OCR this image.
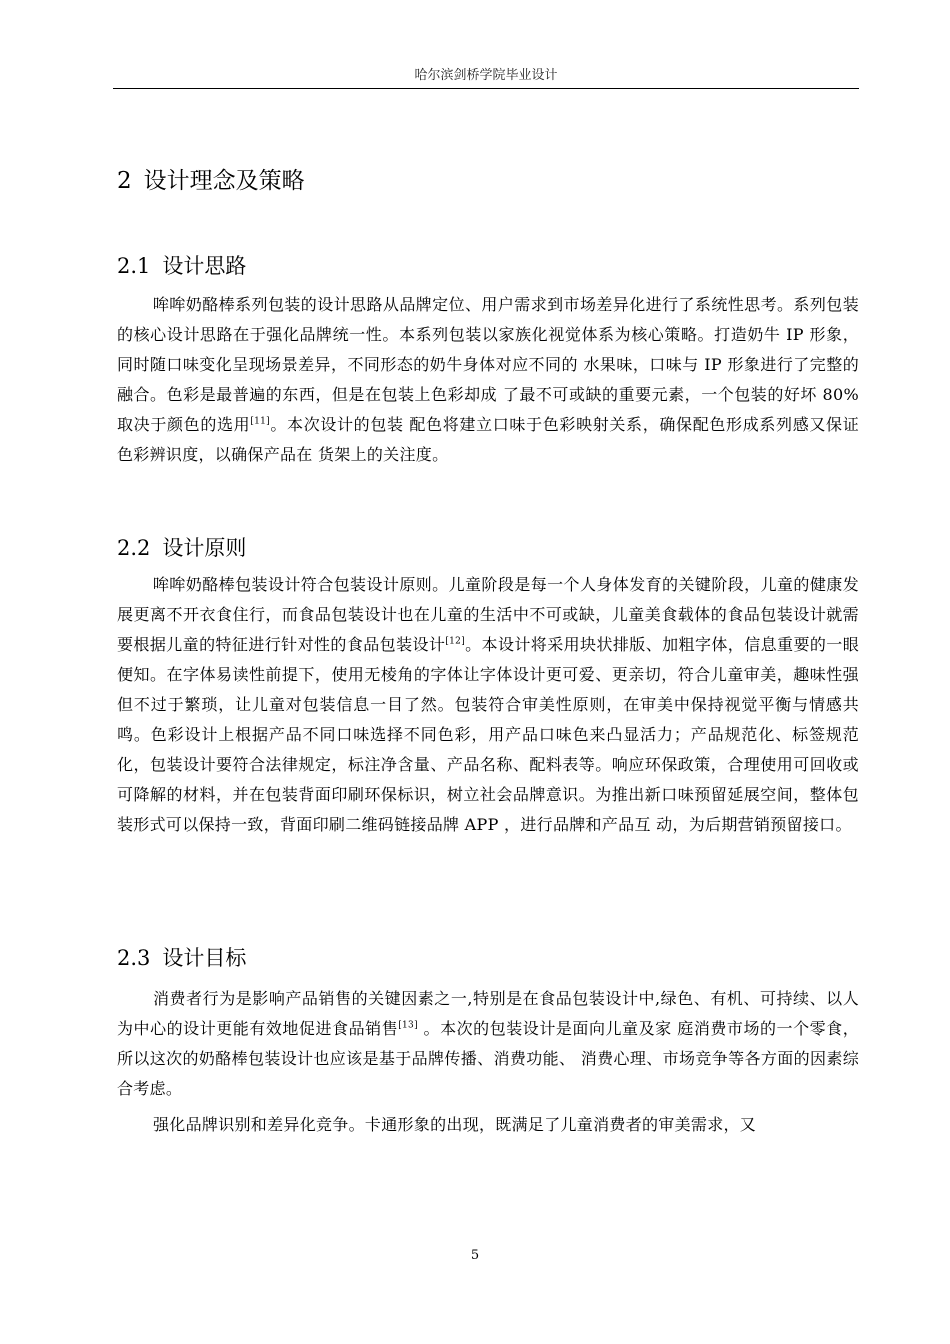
哈尔滨剑桥学院毕业设计
2 设计理念及策略
2.1 设计思路

哞哞奶酪棒系列包装的设计思路从品牌定位、用户需求到市场差异化进行了系统性思考。系列包装的核心设计思路在于强化品牌统一性。本系列包装以家族化视觉体系为核心策略。打造奶牛 IP 形象，同时随口味变化呈现场景差异，不同形态的奶牛身体对应不同的 水果味，口味与 IP 形象进行了完整的融合。色彩是最普遍的东西，但是在包装上色彩却成 了最不可或缺的重要元素，一个包装的好坏 80% 取决于颜色的选用[11]。本次设计的包装 配色将建立口味于色彩映射关系，确保配色形成系列感又保证色彩辨识度，以确保产品在 货架上的关注度。

2.2 设计原则

哞哞奶酪棒包装设计符合包装设计原则。儿童阶段是每一个人身体发育的关键阶段，儿童的健康发展更离不开衣食住行，而食品包装设计也在儿童的生活中不可或缺，儿童美食载体的食品包装设计就需要根据儿童的特征进行针对性的食品包装设计[12]。本设计将采用块状排版、加粗字体，信息重要的一眼便知。在字体易读性前提下，使用无棱角的字体让字体设计更可爱、更亲切，符合儿童审美，趣味性强但不过于繁琐，让儿童对包装信息一目了然。包装符合审美性原则，在审美中保持视觉平衡与情感共鸣。色彩设计上根据产品不同口味选择不同色彩，用产品口味色来凸显活力；产品规范化、标签规范化，包装设计要符合法律规定，标注净含量、产品名称、配料表等。响应环保政策，合理使用可回收或可降解的材料，并在包装背面印刷环保标识，树立社会品牌意识。为推出新口味预留延展空间，整体包装形式可以保持一致，背面印刷二维码链接品牌 APP ，进行品牌和产品互 动，为后期营销预留接口。

2.3 设计目标

消费者行为是影响产品销售的关键因素之一,特别是在食品包装设计中,绿色、有机、可持续、以人为中心的设计更能有效地促进食品销售[13] 。本次的包装设计是面向儿童及家 庭消费市场的一个零食，所以这次的奶酪棒包装设计也应该是基于品牌传播、消费功能、 消费心理、市场竞争等各方面的因素综合考虑。

强化品牌识别和差异化竞争。卡通形象的出现，既满足了儿童消费者的审美需求，又

5
